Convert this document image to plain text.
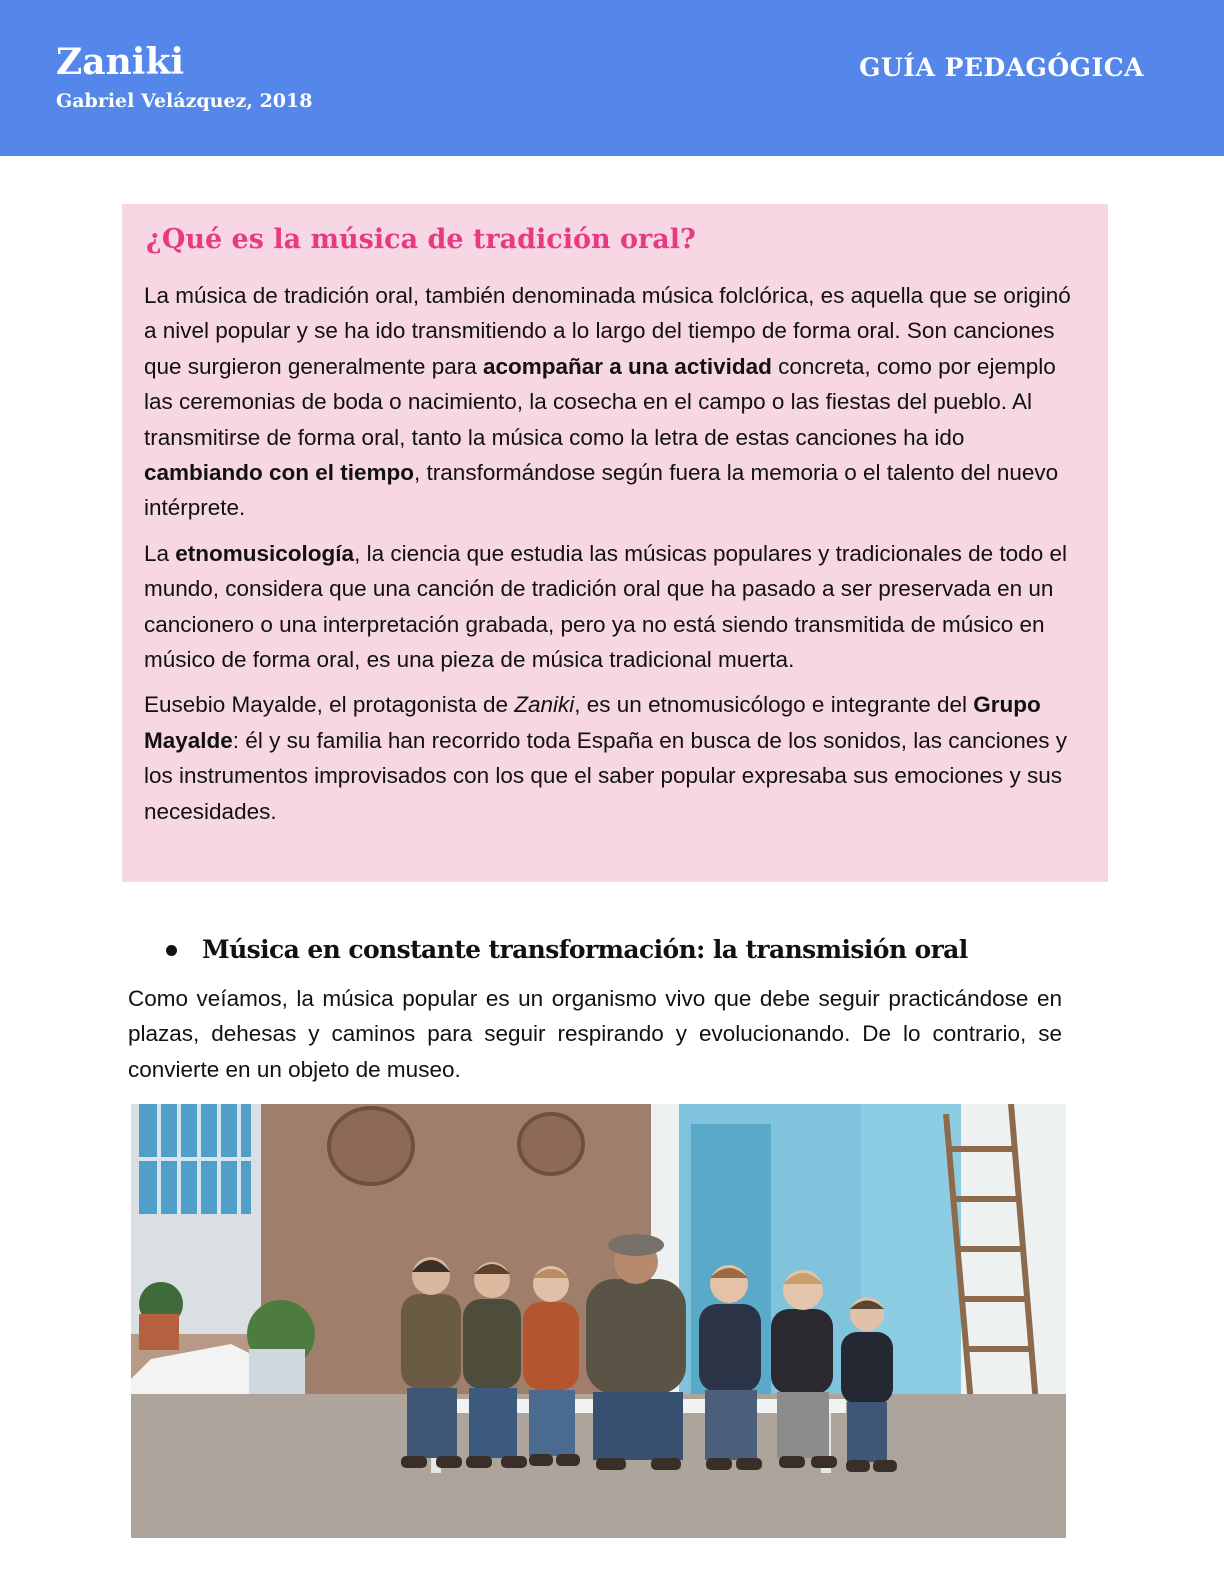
Zaniki
Gabriel Velázquez, 2018
GUÍA PEDAGÓGICA
¿Qué es la música de tradición oral?

La música de tradición oral, también denominada música folclórica, es aquella que se originó a nivel popular y se ha ido transmitiendo a lo largo del tiempo de forma oral. Son canciones que surgieron generalmente para acompañar a una actividad concreta, como por ejemplo las ceremonias de boda o nacimiento, la cosecha en el campo o las fiestas del pueblo. Al transmitirse de forma oral, tanto la música como la letra de estas canciones ha ido cambiando con el tiempo, transformándose según fuera la memoria o el talento del nuevo intérprete.

La etnomusicología, la ciencia que estudia las músicas populares y tradicionales de todo el mundo, considera que una canción de tradición oral que ha pasado a ser preservada en un cancionero o una interpretación grabada, pero ya no está siendo transmitida de músico en músico de forma oral, es una pieza de música tradicional muerta.

Eusebio Mayalde, el protagonista de Zaniki, es un etnomusicólogo e integrante del Grupo Mayalde: él y su familia han recorrido toda España en busca de los sonidos, las canciones y los instrumentos improvisados con los que el saber popular expresaba sus emociones y sus necesidades.

Música en constante transformación: la transmisión oral

Como veíamos, la música popular es un organismo vivo que debe seguir practicándose en plazas, dehesas y caminos para seguir respirando y evolucionando. De lo contrario, se convierte en un objeto de museo.
